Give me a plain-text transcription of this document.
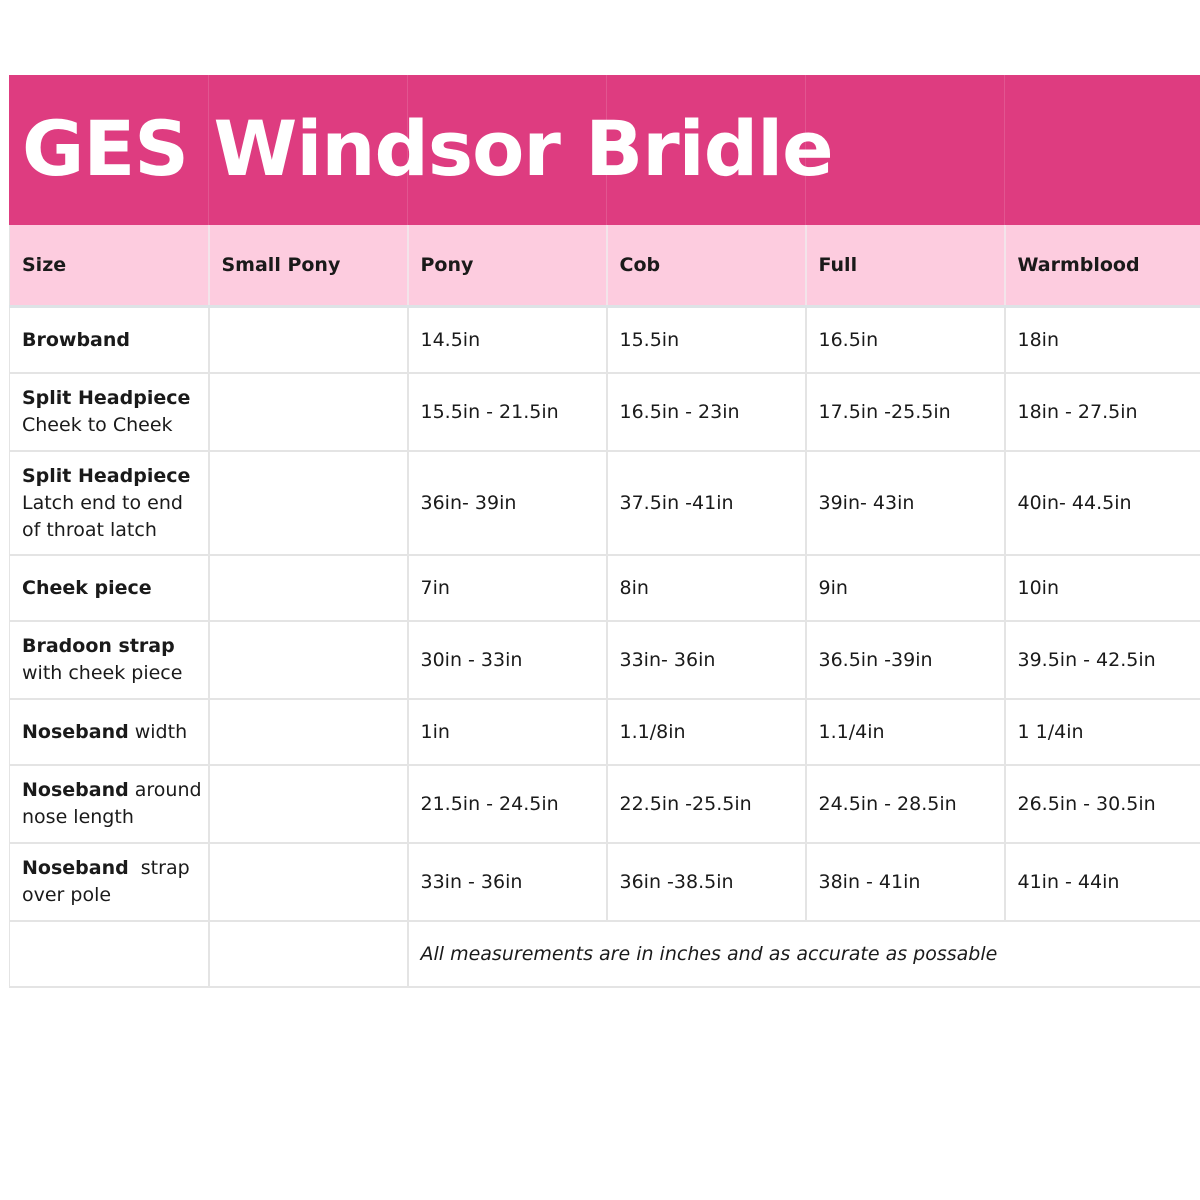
GES Windsor Bridle
Size	Small Pony	Pony	Cob	Full	Warmblood
Browband		14.5in	15.5in	16.5in	18in
Split Headpiece
Cheek to Cheek		15.5in - 21.5in	16.5in - 23in	17.5in -25.5in	18in - 27.5in
Split Headpiece
Latch end to end
of throat latch		36in- 39in	37.5in -41in	39in- 43in	40in- 44.5in
Cheek piece		7in	8in	9in	10in
Bradoon strap
with cheek piece		30in - 33in	33in- 36in	36.5in -39in	39.5in - 42.5in
Noseband width		1in	1.1/8in	1.1/4in	1 1/4in
Noseband around
nose length		21.5in - 24.5in	22.5in -25.5in	24.5in - 28.5in	26.5in - 30.5in
Noseband  strap
over pole		33in - 36in	36in -38.5in	38in - 41in	41in - 44in
		All measurements are in inches and as accurate as possable			
